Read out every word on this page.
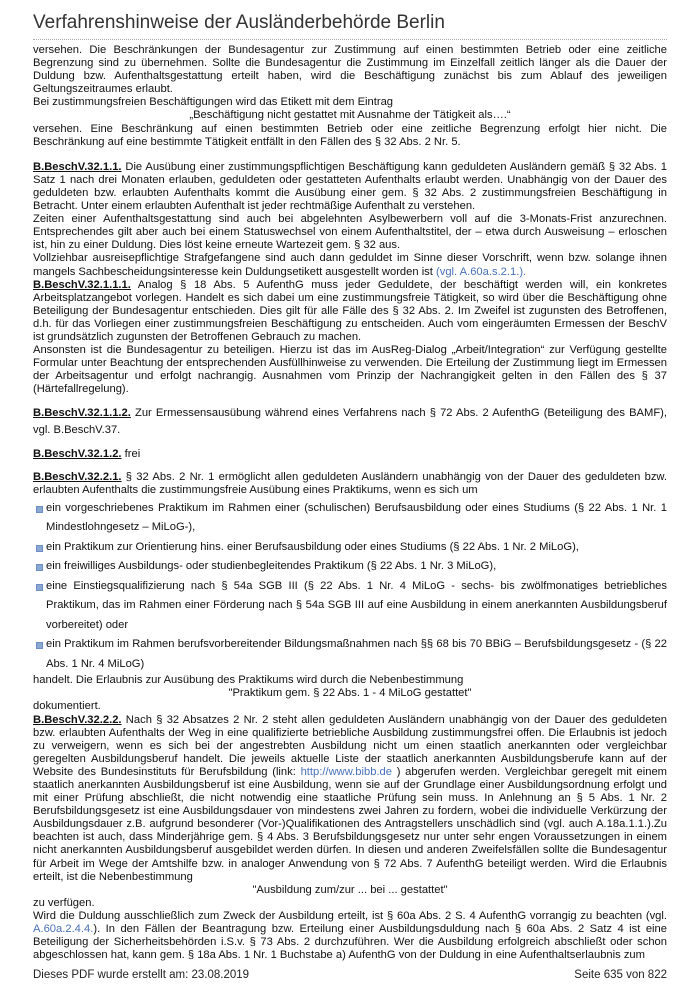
Verfahrenshinweise der Ausländerbehörde Berlin

versehen. Die Beschränkungen der Bundesagentur zur Zustimmung auf einen bestimmten Betrieb oder eine zeitliche Begrenzung sind zu übernehmen. Sollte die Bundesagentur die Zustimmung im Einzelfall zeitlich länger als die Dauer der Duldung bzw. Aufenthaltsgestattung erteilt haben, wird die Beschäftigung zunächst bis zum Ablauf des jeweiligen Geltungszeitraumes erlaubt.

Bei zustimmungsfreien Beschäftigungen wird das Etikett mit dem Eintrag

„Beschäftigung nicht gestattet mit Ausnahme der Tätigkeit als….“

versehen. Eine Beschränkung auf einen bestimmten Betrieb oder eine zeitliche Begrenzung erfolgt hier nicht. Die Beschränkung auf eine bestimmte Tätigkeit entfällt in den Fällen des § 32 Abs. 2 Nr. 5.

B.BeschV.32.1.1. Die Ausübung einer zustimmungspflichtigen Beschäftigung kann geduldeten Ausländern gemäß § 32 Abs. 1 Satz 1 nach drei Monaten erlauben, geduldeten oder gestatteten Aufenthalts erlaubt werden. Unabhängig von der Dauer des geduldeten bzw. erlaubten Aufenthalts kommt die Ausübung einer gem. § 32 Abs. 2 zustimmungsfreien Beschäftigung in Betracht. Unter einem erlaubten Aufenthalt ist jeder rechtmäßige Aufenthalt zu verstehen.

Zeiten einer Aufenthaltsgestattung sind auch bei abgelehnten Asylbewerbern voll auf die 3-Monats-Frist anzurechnen. Entsprechendes gilt aber auch bei einem Statuswechsel von einem Aufenthaltstitel, der – etwa durch Ausweisung – erloschen ist, hin zu einer Duldung. Dies löst keine erneute Wartezeit gem. § 32 aus.

Vollziehbar ausreisepflichtige Strafgefangene sind auch dann geduldet im Sinne dieser Vorschrift, wenn bzw. solange ihnen mangels Sachbescheidungsinteresse kein Duldungsetikett ausgestellt worden ist (vgl. A.60a.s.2.1.).

B.BeschV.32.1.1.1. Analog § 18 Abs. 5 AufenthG muss jeder Geduldete, der beschäftigt werden will, ein konkretes Arbeitsplatzangebot vorlegen. Handelt es sich dabei um eine zustimmungsfreie Tätigkeit, so wird über die Beschäftigung ohne Beteiligung der Bundesagentur entschieden. Dies gilt für alle Fälle des § 32 Abs. 2. Im Zweifel ist zugunsten des Betroffenen, d.h. für das Vorliegen einer zustimmungsfreien Beschäftigung zu entscheiden. Auch vom eingeräumten Ermessen der BeschV ist grundsätzlich zugunsten der Betroffenen Gebrauch zu machen.

Ansonsten ist die Bundesagentur zu beteiligen. Hierzu ist das im AusReg-Dialog „Arbeit/Integration“ zur Verfügung gestellte Formular unter Beachtung der entsprechenden Ausfüllhinweise zu verwenden. Die Erteilung der Zustimmung liegt im Ermessen der Arbeitsagentur und erfolgt nachrangig. Ausnahmen vom Prinzip der Nachrangigkeit gelten in den Fällen des § 37 (Härtefallregelung).

B.BeschV.32.1.1.2. Zur Ermessensausübung während eines Verfahrens nach § 72 Abs. 2 AufenthG (Beteiligung des BAMF), vgl. B.BeschV.37.

B.BeschV.32.1.2. frei

B.BeschV.32.2.1. § 32 Abs. 2 Nr. 1 ermöglicht allen geduldeten Ausländern unabhängig von der Dauer des geduldeten bzw. erlaubten Aufenthalts die zustimmungsfreie Ausübung eines Praktikums, wenn es sich um

ein vorgeschriebenes Praktikum im Rahmen einer (schulischen) Berufsausbildung oder eines Studiums (§ 22 Abs. 1 Nr. 1 Mindestlohngesetz – MiLoG-),
ein Praktikum zur Orientierung hins. einer Berufsausbildung oder eines Studiums (§ 22 Abs. 1 Nr. 2 MiLoG),
ein freiwilliges Ausbildungs- oder studienbegleitendes Praktikum (§ 22 Abs. 1 Nr. 3 MiLoG),
eine Einstiegsqualifizierung nach § 54a SGB III (§ 22 Abs. 1 Nr. 4 MiLoG - sechs- bis zwölfmonatiges betriebliches Praktikum, das im Rahmen einer Förderung nach § 54a SGB III auf eine Ausbildung in einem anerkannten Ausbildungsberuf vorbereitet) oder
ein Praktikum im Rahmen berufsvorbereitender Bildungsmaßnahmen nach §§ 68 bis 70 BBiG – Berufsbildungsgesetz - (§ 22 Abs. 1 Nr. 4 MiLoG)

handelt. Die Erlaubnis zur Ausübung des Praktikums wird durch die Nebenbestimmung

"Praktikum gem. § 22 Abs. 1 - 4 MiLoG gestattet"

dokumentiert.

B.BeschV.32.2.2. Nach § 32 Absatzes 2 Nr. 2 steht allen geduldeten Ausländern unabhängig von der Dauer des geduldeten bzw. erlaubten Aufenthalts der Weg in eine qualifizierte betriebliche Ausbildung zustimmungsfrei offen. Die Erlaubnis ist jedoch zu verweigern, wenn es sich bei der angestrebten Ausbildung nicht um einen staatlich anerkannten oder vergleichbar geregelten Ausbildungsberuf handelt. Die jeweils aktuelle Liste der staatlich anerkannten Ausbildungsberufe kann auf der Website des Bundesinstituts für Berufsbildung (link: http://www.bibb.de ) abgerufen werden. Vergleichbar geregelt mit einem staatlich anerkannten Ausbildungsberuf ist eine Ausbildung, wenn sie auf der Grundlage einer Ausbildungsordnung erfolgt und mit einer Prüfung abschließt, die nicht notwendig eine staatliche Prüfung sein muss. In Anlehnung an § 5 Abs. 1 Nr. 2 Berufsbildungsgesetz ist eine Ausbildungsdauer von mindestens zwei Jahren zu fordern, wobei die individuelle Verkürzung der Ausbildungsdauer z.B. aufgrund besonderer (Vor-)Qualifikationen des Antragstellers unschädlich sind (vgl. auch A.18a.1.1.).Zu beachten ist auch, dass Minderjährige gem. § 4 Abs. 3 Berufsbildungsgesetz nur unter sehr engen Voraussetzungen in einem nicht anerkannten Ausbildungsberuf ausgebildet werden dürfen. In diesen und anderen Zweifelsfällen sollte die Bundesagentur für Arbeit im Wege der Amtshilfe bzw. in analoger Anwendung von § 72 Abs. 7 AufenthG beteiligt werden. Wird die Erlaubnis erteilt, ist die Nebenbestimmung

"Ausbildung zum/zur ... bei ... gestattet"

zu verfügen.

Wird die Duldung ausschließlich zum Zweck der Ausbildung erteilt, ist § 60a Abs. 2 S. 4 AufenthG vorrangig zu beachten (vgl. A.60a.2.4.4.). In den Fällen der Beantragung bzw. Erteilung einer Ausbildungsduldung nach § 60a Abs. 2 Satz 4 ist eine Beteiligung der Sicherheitsbehörden i.S.v. § 73 Abs. 2 durchzuführen. Wer die Ausbildung erfolgreich abschließt oder schon abgeschlossen hat, kann gem. § 18a Abs. 1 Nr. 1 Buchstabe a) AufenthG von der Duldung in eine Aufenthaltserlaubnis zum

Dieses PDF wurde erstellt am: 23.08.2019	Seite 635 von 822
